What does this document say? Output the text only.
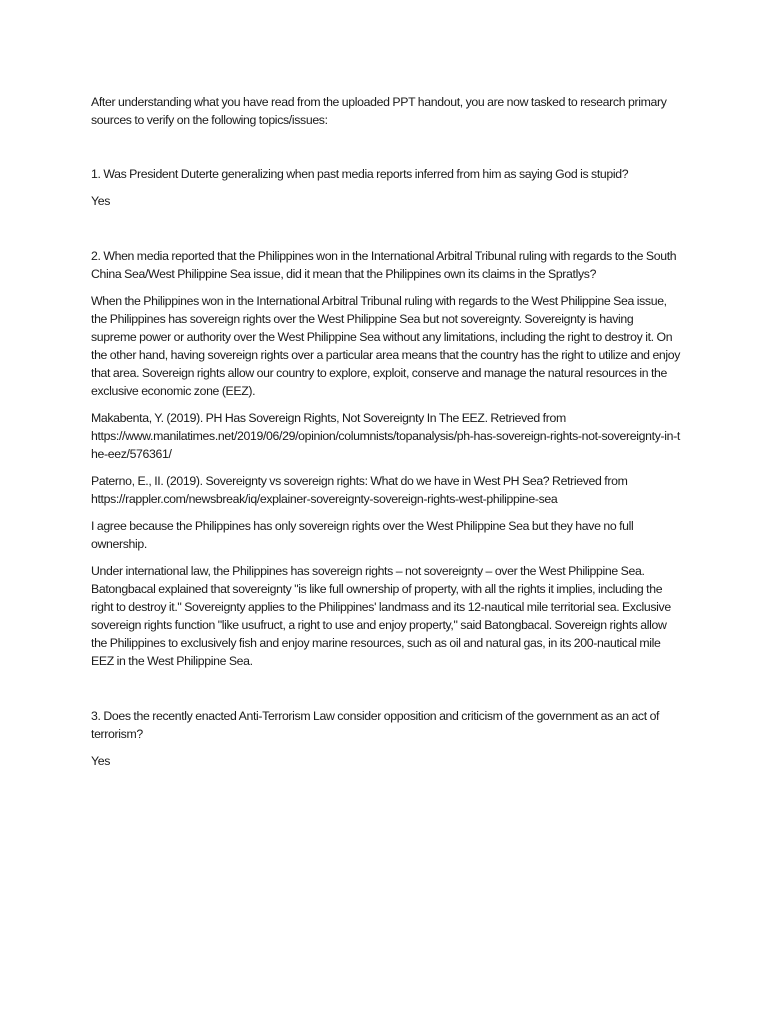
After understanding what you have read from the uploaded PPT handout, you are now tasked to research primary sources to verify on the following topics/issues:

1. Was President Duterte generalizing when past media reports inferred from him as saying God is stupid?

Yes

2. When media reported that the Philippines won in the International Arbitral Tribunal ruling with regards to the South China Sea/West Philippine Sea issue, did it mean that the Philippines own its claims in the Spratlys?

When the Philippines won in the International Arbitral Tribunal ruling with regards to the West Philippine Sea issue, the Philippines has sovereign rights over the West Philippine Sea but not sovereignty. Sovereignty is having supreme power or authority over the West Philippine Sea without any limitations, including the right to destroy it. On the other hand, having sovereign rights over a particular area means that the country has the right to utilize and enjoy that area. Sovereign rights allow our country to explore, exploit, conserve and manage the natural resources in the exclusive economic zone (EEZ).

Makabenta, Y. (2019). PH Has Sovereign Rights, Not Sovereignty In The EEZ. Retrieved from
https://www.manilatimes.net/2019/06/29/opinion/columnists/topanalysis/ph-has-sovereign-rights-not-sovereignty-in-the-eez/576361/

Paterno, E., II. (2019). Sovereignty vs sovereign rights: What do we have in West PH Sea? Retrieved from
https://rappler.com/newsbreak/iq/explainer-sovereignty-sovereign-rights-west-philippine-sea

I agree because the Philippines has only sovereign rights over the West Philippine Sea but they have no full ownership.

Under international law, the Philippines has sovereign rights – not sovereignty – over the West Philippine Sea. Batongbacal explained that sovereignty "is like full ownership of property, with all the rights it implies, including the right to destroy it." Sovereignty applies to the Philippines' landmass and its 12-nautical mile territorial sea. Exclusive sovereign rights function "like usufruct, a right to use and enjoy property," said Batongbacal. Sovereign rights allow the Philippines to exclusively fish and enjoy marine resources, such as oil and natural gas, in its 200-nautical mile EEZ in the West Philippine Sea.

3. Does the recently enacted Anti-Terrorism Law consider opposition and criticism of the government as an act of terrorism?

Yes
